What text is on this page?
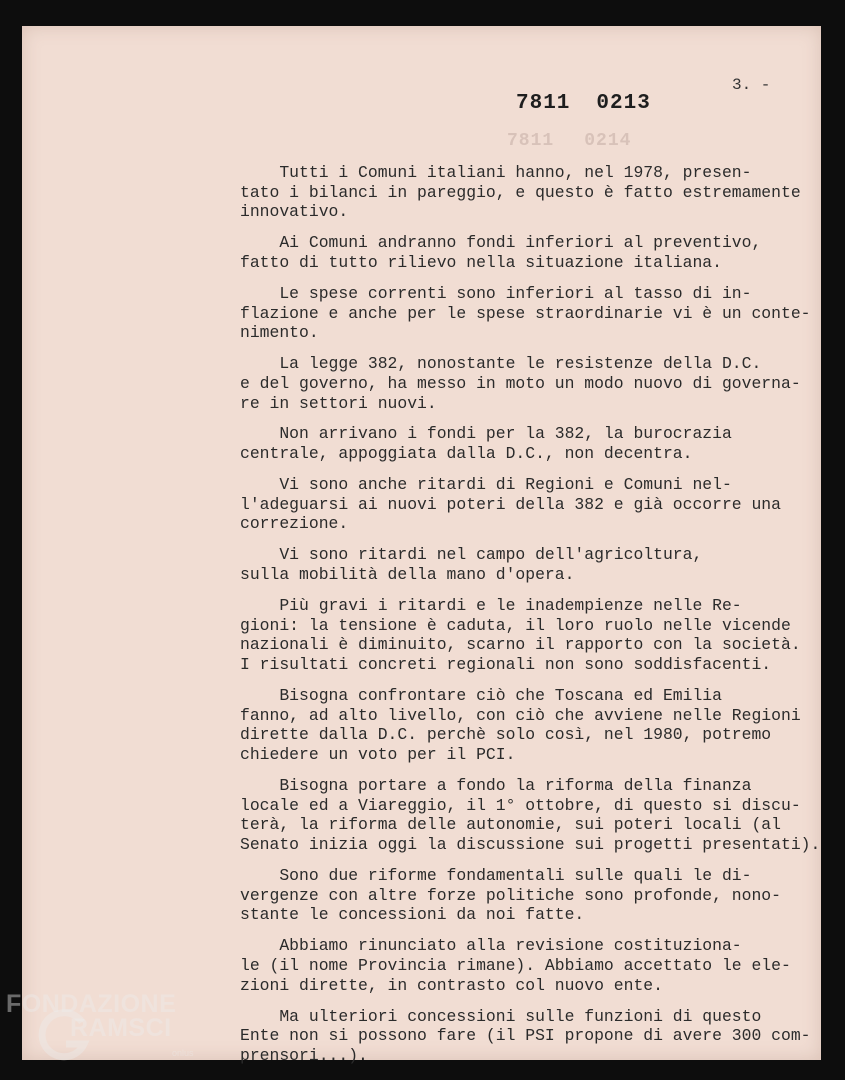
3. -
7811 0213
7811 0214
Tutti i Comuni italiani hanno, nel 1978, presen-
tato i bilanci in pareggio, e questo è fatto estremamente
innovativo.
Ai Comuni andranno fondi inferiori al preventivo,
fatto di tutto rilievo nella situazione italiana.
Le spese correnti sono inferiori al tasso di in-
flazione e anche per le spese straordinarie vi è un conte-
nimento.
La legge 382, nonostante le resistenze della D.C.
e del governo, ha messo in moto un modo nuovo di governa-
re in settori nuovi.
Non arrivano i fondi per la 382, la burocrazia
centrale, appoggiata dalla D.C., non decentra.
Vi sono anche ritardi di Regioni e Comuni nel-
l'adeguarsi ai nuovi poteri della 382 e già occorre una
correzione.
Vi sono ritardi nel campo dell'agricoltura,
sulla mobilità della mano d'opera.
Più gravi i ritardi e le inadempienze nelle Re-
gioni: la tensione è caduta, il loro ruolo nelle vicende
nazionali è diminuito, scarno il rapporto con la società.
I risultati concreti regionali non sono soddisfacenti.
Bisogna confrontare ciò che Toscana ed Emilia
fanno, ad alto livello, con ciò che avviene nelle Regioni
dirette dalla D.C. perchè solo così, nel 1980, potremo
chiedere un voto per il PCI.
Bisogna portare a fondo la riforma della finanza
locale ed a Viareggio, il 1° ottobre, di questo si discu-
terà, la riforma delle autonomie, sui poteri locali (al
Senato inizia oggi la discussione sui progetti presentati).
Sono due riforme fondamentali sulle quali le di-
vergenze con altre forze politiche sono profonde, nono-
stante le concessioni da noi fatte.
Abbiamo rinunciato alla revisione costituziona-
le (il nome Provincia rimane). Abbiamo accettato le ele-
zioni dirette, in contrasto col nuovo ente.
Ma ulteriori concessioni sulle funzioni di questo
Ente non si possono fare (il PSI propone di avere 300 com-
prensori...).
FONDAZIONE
RAMSCI
onlus
